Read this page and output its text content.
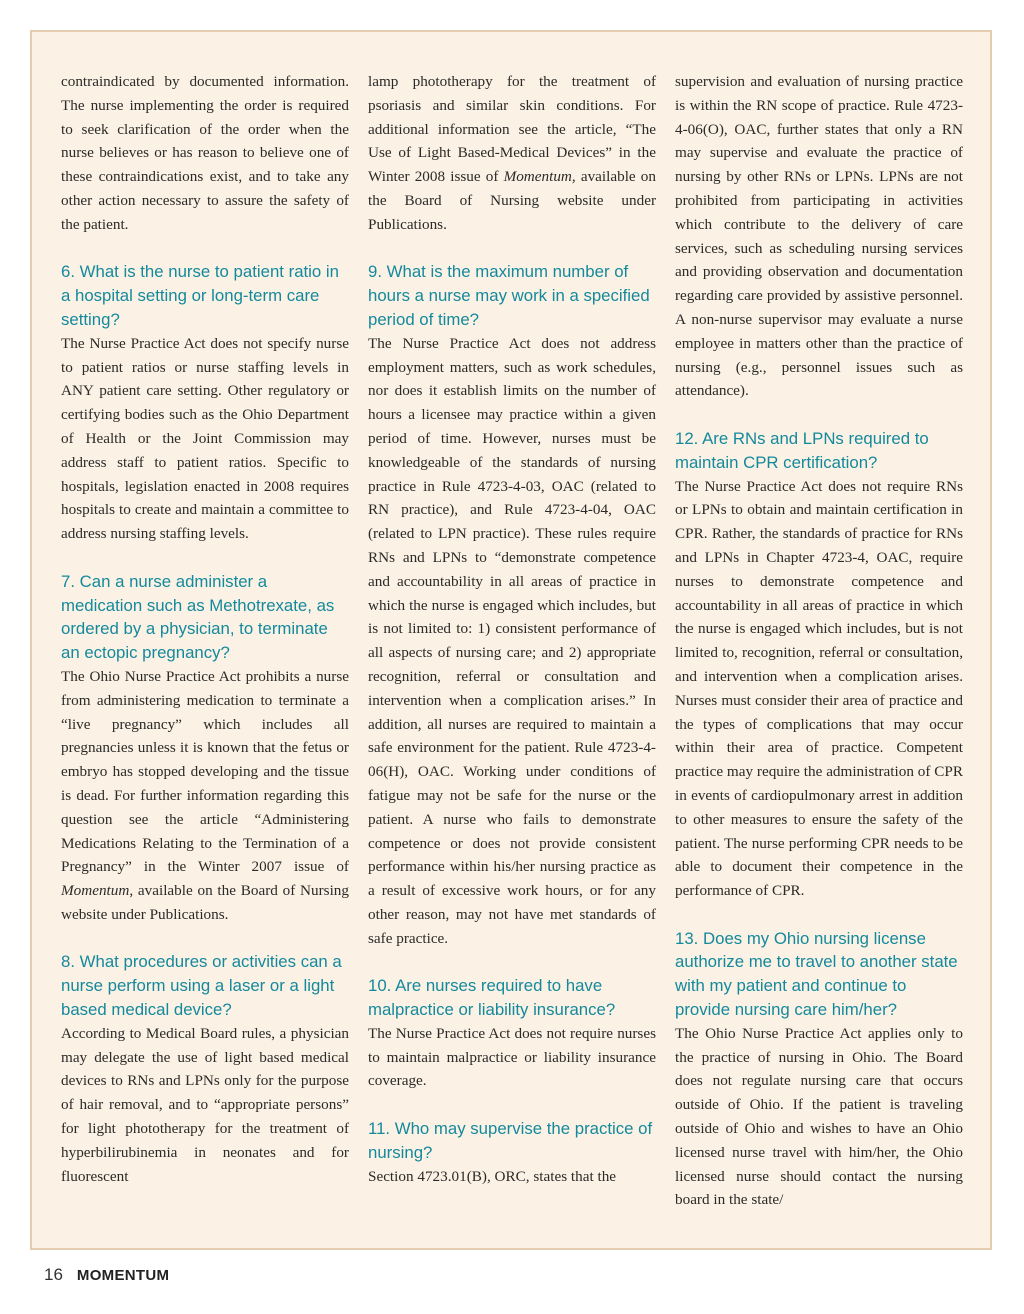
contraindicated by documented information. The nurse implementing the order is required to seek clarification of the order when the nurse believes or has reason to believe one of these contraindications exist, and to take any other action necessary to assure the safety of the patient.

6. What is the nurse to patient ratio in a hospital setting or long-term care setting?

The Nurse Practice Act does not specify nurse to patient ratios or nurse staffing levels in ANY patient care setting. Other regulatory or certifying bodies such as the Ohio Department of Health or the Joint Commission may address staff to patient ratios. Specific to hospitals, legislation enacted in 2008 requires hospitals to create and maintain a committee to address nursing staffing levels.

7. Can a nurse administer a medication such as Methotrexate, as ordered by a physician, to terminate an ectopic pregnancy?

The Ohio Nurse Practice Act prohibits a nurse from administering medication to terminate a “live pregnancy” which includes all pregnancies unless it is known that the fetus or embryo has stopped developing and the tissue is dead. For further information regarding this question see the article “Administering Medications Relating to the Termination of a Pregnancy” in the Winter 2007 issue of Momentum, available on the Board of Nursing website under Publications.

8. What procedures or activities can a nurse perform using a laser or a light based medical device?

According to Medical Board rules, a physician may delegate the use of light based medical devices to RNs and LPNs only for the purpose of hair removal, and to “appropriate persons” for light phototherapy for the treatment of hyperbilirubinemia in neonates and for fluorescent

lamp phototherapy for the treatment of psoriasis and similar skin conditions. For additional information see the article, “The Use of Light Based-Medical Devices” in the Winter 2008 issue of Momentum, available on the Board of Nursing website under Publications.

9. What is the maximum number of hours a nurse may work in a specified period of time?

The Nurse Practice Act does not address employment matters, such as work schedules, nor does it establish limits on the number of hours a licensee may practice within a given period of time. However, nurses must be knowledgeable of the standards of nursing practice in Rule 4723-4-03, OAC (related to RN practice), and Rule 4723-4-04, OAC (related to LPN practice). These rules require RNs and LPNs to “demonstrate competence and accountability in all areas of practice in which the nurse is engaged which includes, but is not limited to: 1) consistent performance of all aspects of nursing care; and 2) appropriate recognition, referral or consultation and intervention when a complication arises.” In addition, all nurses are required to maintain a safe environment for the patient. Rule 4723-4-06(H), OAC. Working under conditions of fatigue may not be safe for the nurse or the patient. A nurse who fails to demonstrate competence or does not provide consistent performance within his/her nursing practice as a result of excessive work hours, or for any other reason, may not have met standards of safe practice.

10. Are nurses required to have malpractice or liability insurance?

The Nurse Practice Act does not require nurses to maintain malpractice or liability insurance coverage.

11. Who may supervise the practice of nursing?

Section 4723.01(B), ORC, states that the

supervision and evaluation of nursing practice is within the RN scope of practice. Rule 4723-4-06(O), OAC, further states that only a RN may supervise and evaluate the practice of nursing by other RNs or LPNs. LPNs are not prohibited from participating in activities which contribute to the delivery of care services, such as scheduling nursing services and providing observation and documentation regarding care provided by assistive personnel. A non-nurse supervisor may evaluate a nurse employee in matters other than the practice of nursing (e.g., personnel issues such as attendance).

12. Are RNs and LPNs required to maintain CPR certification?

The Nurse Practice Act does not require RNs or LPNs to obtain and maintain certification in CPR. Rather, the standards of practice for RNs and LPNs in Chapter 4723-4, OAC, require nurses to demonstrate competence and accountability in all areas of practice in which the nurse is engaged which includes, but is not limited to, recognition, referral or consultation, and intervention when a complication arises. Nurses must consider their area of practice and the types of complications that may occur within their area of practice. Competent practice may require the administration of CPR in events of cardiopulmonary arrest in addition to other measures to ensure the safety of the patient. The nurse performing CPR needs to be able to document their competence in the performance of CPR.

13. Does my Ohio nursing license authorize me to travel to another state with my patient and continue to provide nursing care him/her?

The Ohio Nurse Practice Act applies only to the practice of nursing in Ohio. The Board does not regulate nursing care that occurs outside of Ohio. If the patient is traveling outside of Ohio and wishes to have an Ohio licensed nurse travel with him/her, the Ohio licensed nurse should contact the nursing board in the state/

16 MOMENTUM
